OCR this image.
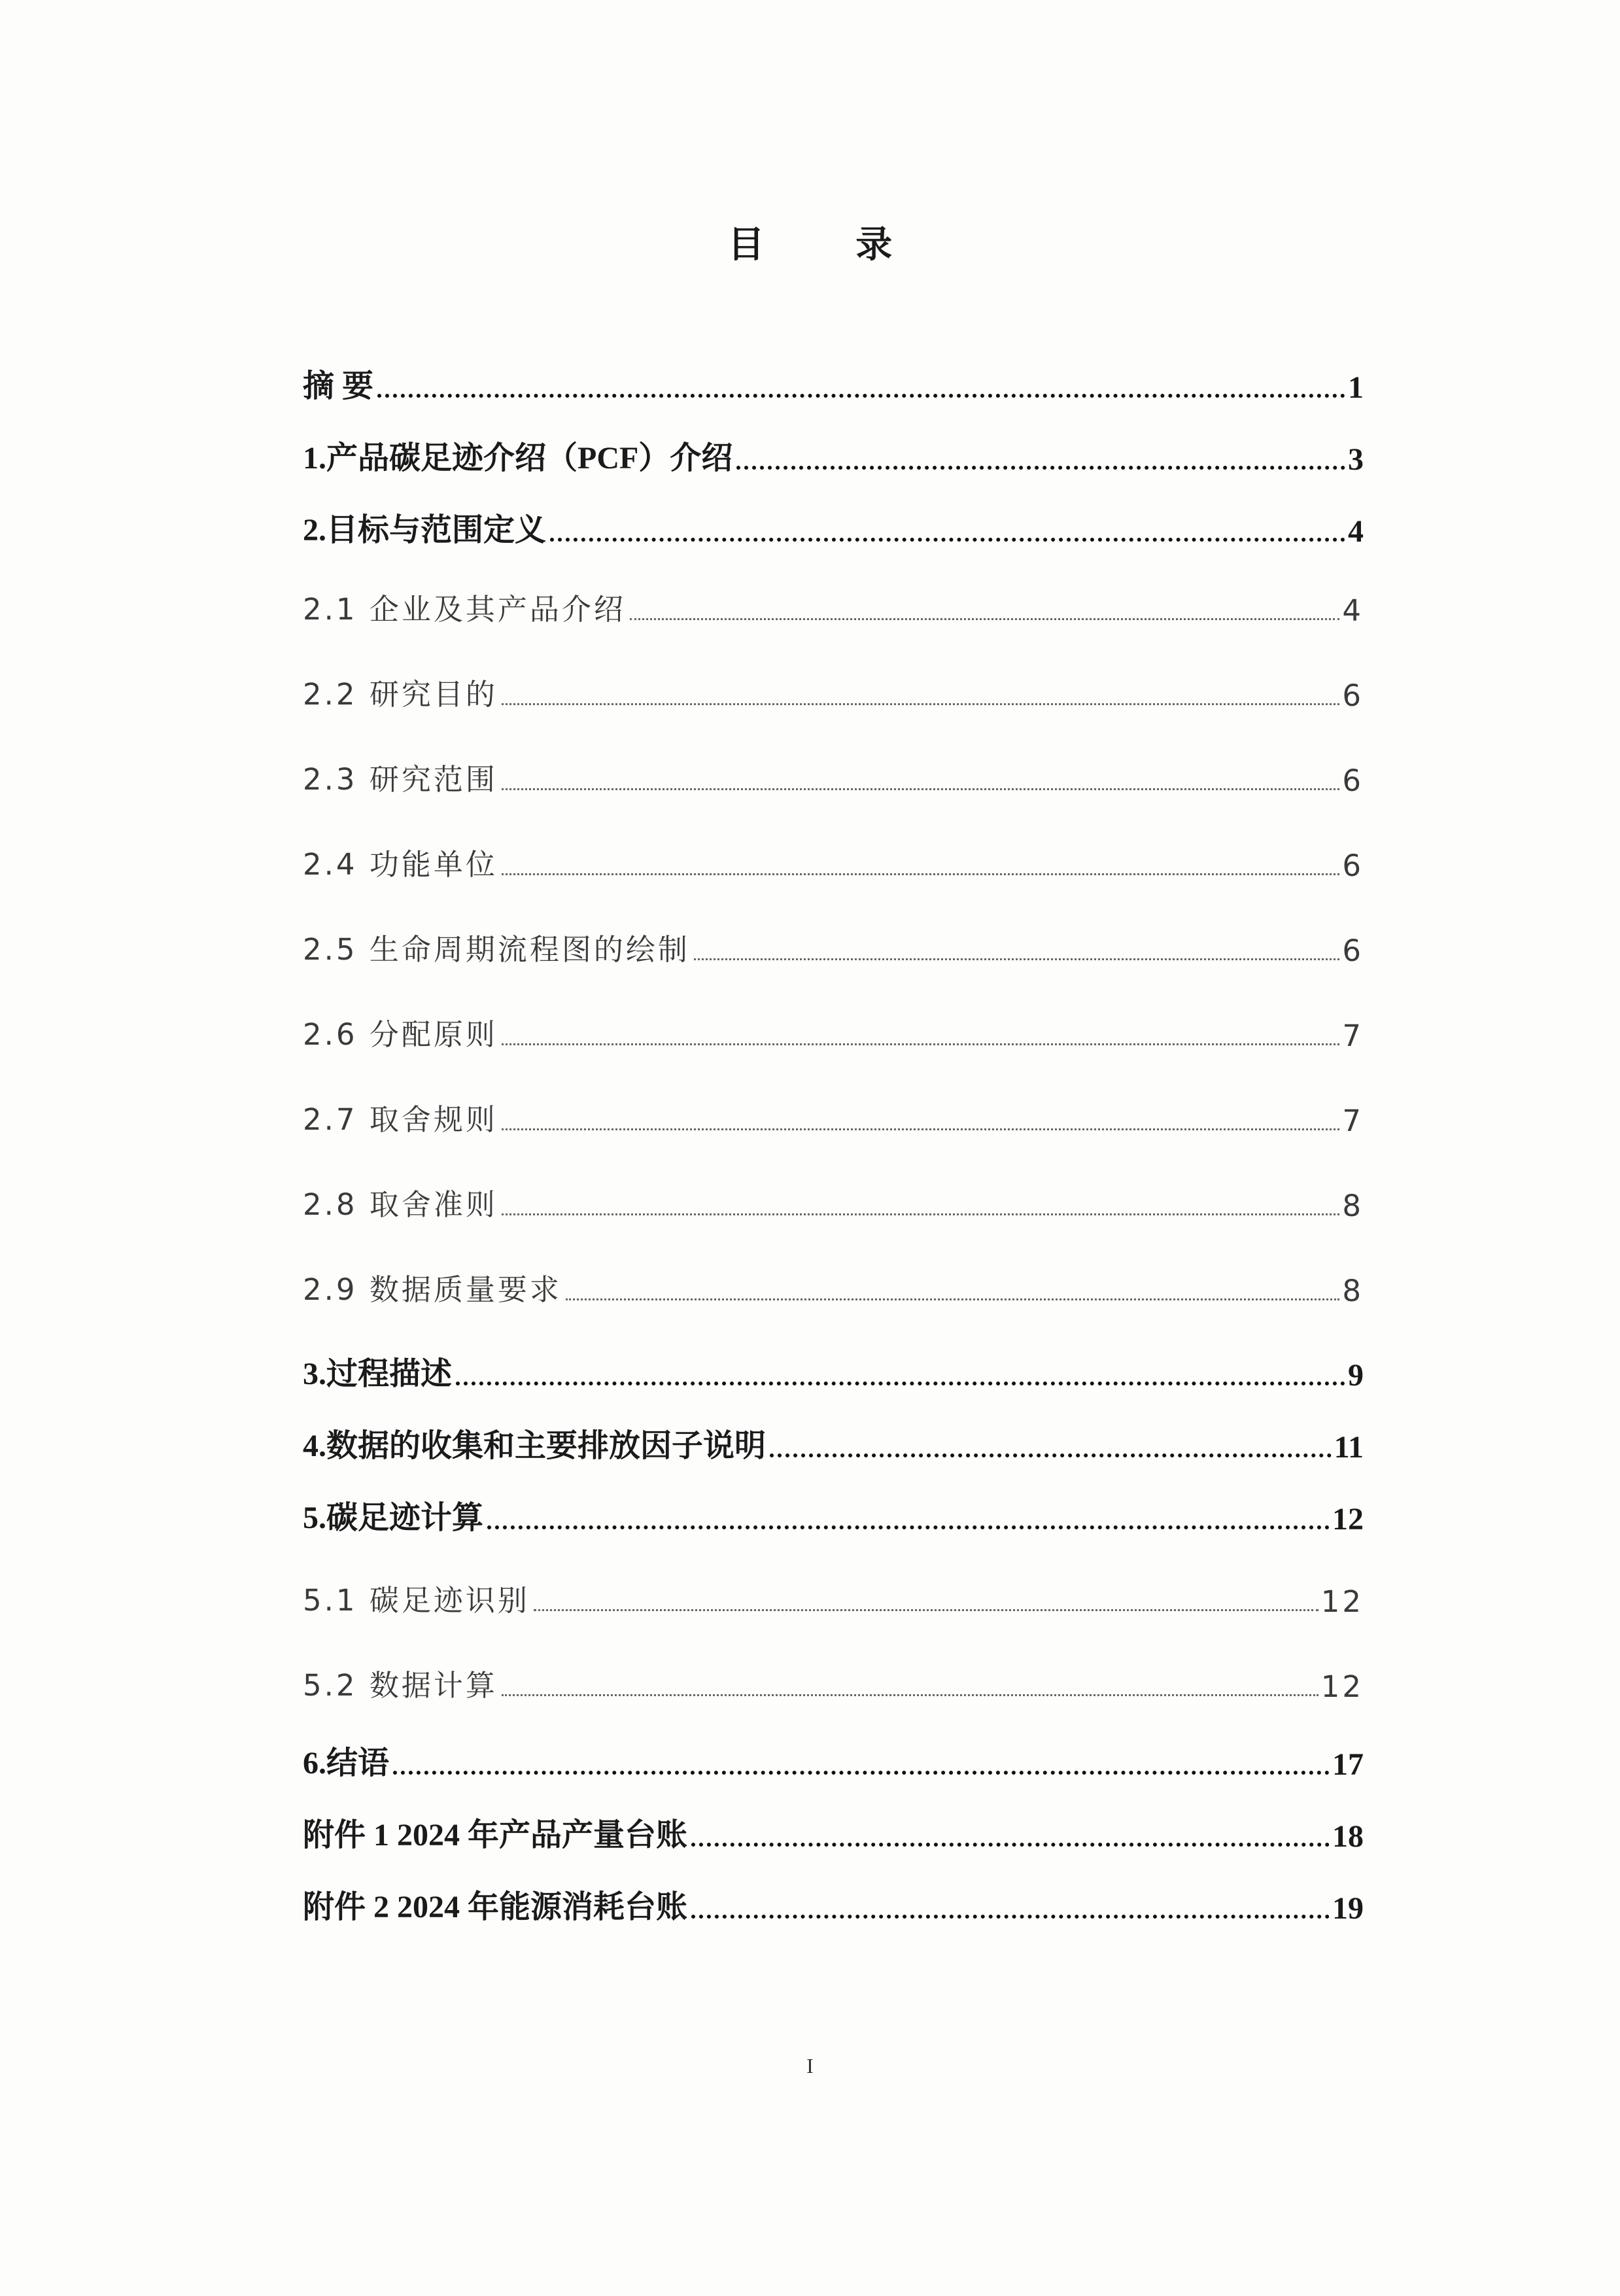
目 录
摘 要	1
1.产品碳足迹介绍（PCF）介绍	3
2.目标与范围定义	4
2.1 企业及其产品介绍	4
2.2 研究目的	6
2.3 研究范围	6
2.4 功能单位	6
2.5 生命周期流程图的绘制	6
2.6 分配原则	7
2.7 取舍规则	7
2.8 取舍准则	8
2.9 数据质量要求	8
3.过程描述	9
4.数据的收集和主要排放因子说明	11
5.碳足迹计算	12
5.1 碳足迹识别	12
5.2 数据计算	12
6.结语	17
附件 1 2024 年产品产量台账	18
附件 2 2024 年能源消耗台账	19
I
